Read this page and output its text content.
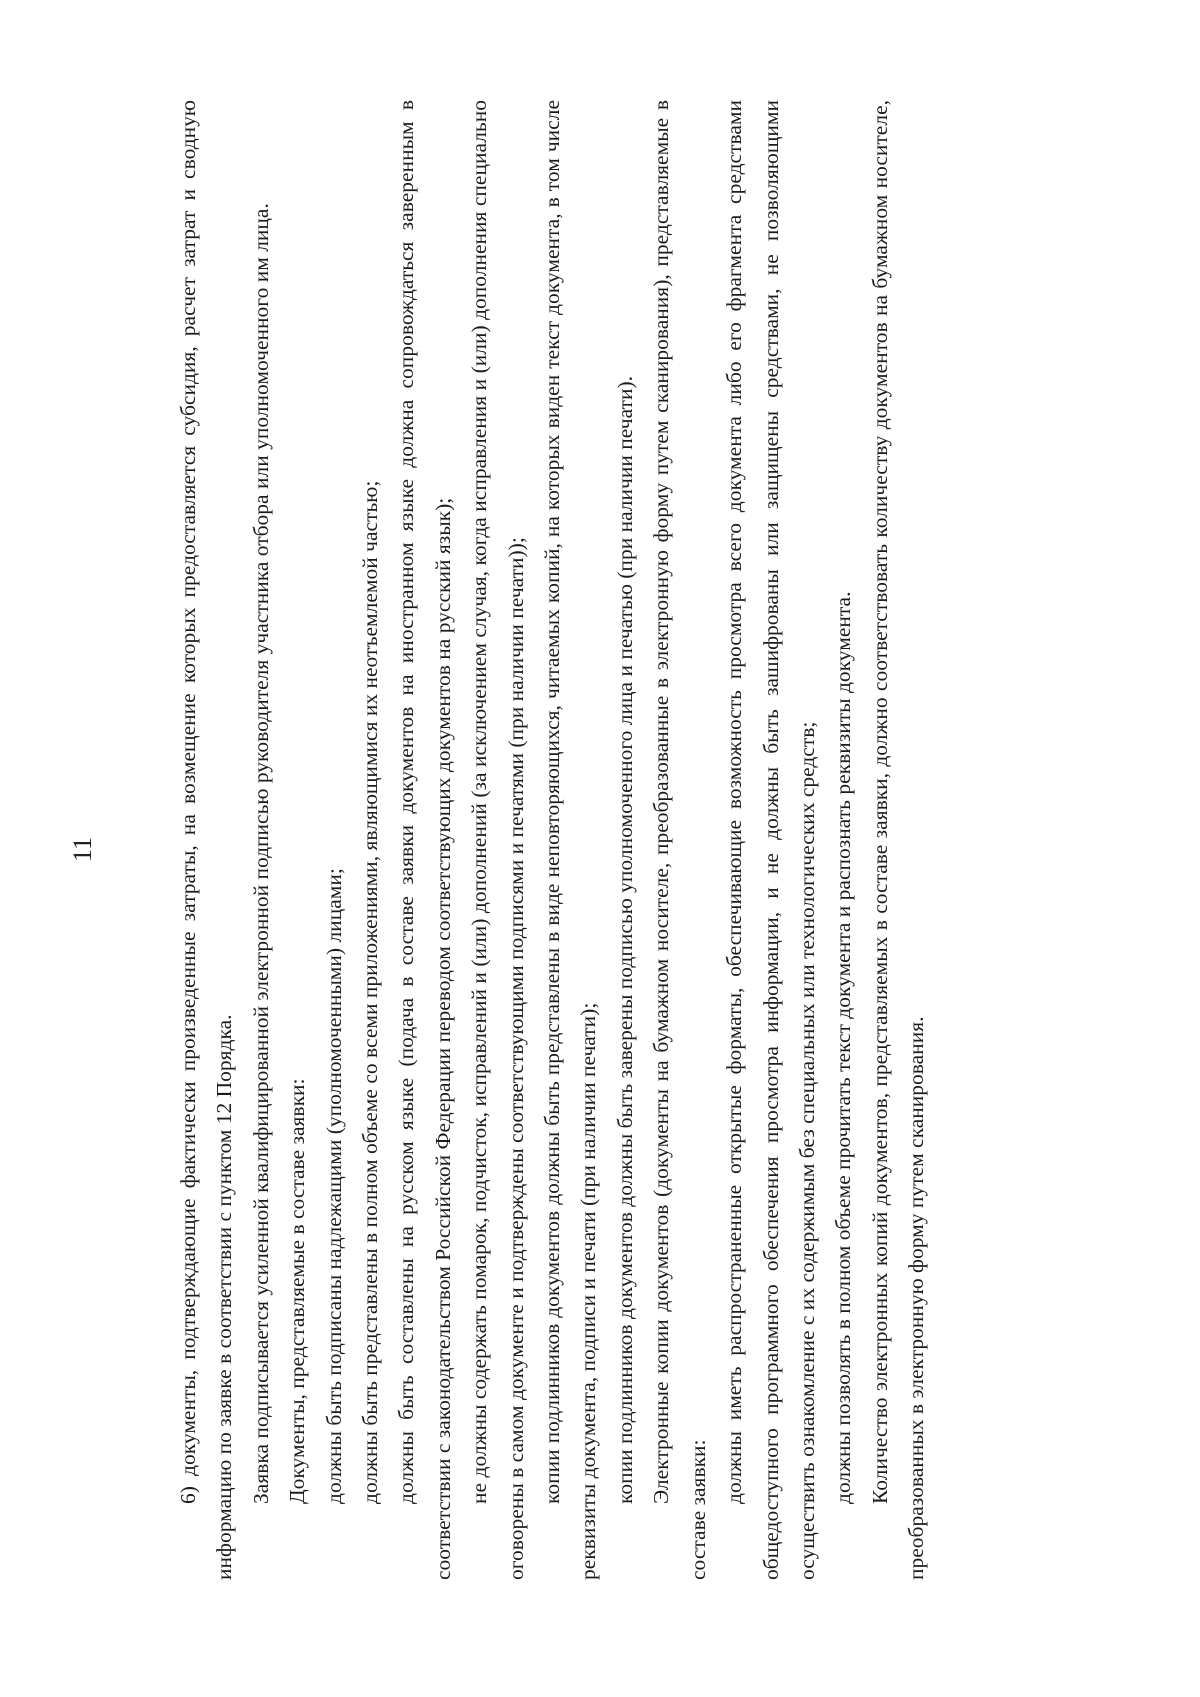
11	6) документы, подтверждающие фактически произведенные затраты, на возмещение которых предоставляется субсидия, расчет затрат и сводную информацию по заявке в соответствии с пунктом 12 Порядка. Заявка подписывается усиленной квалифицированной электронной подписью руководителя участника отбора или уполномоченного им лица. Документы, представляемые в составе заявки: должны быть подписаны надлежащими (уполномоченными) лицами; должны быть представлены в полном объеме со всеми приложениями, являющимися их неотъемлемой частью; должны быть составлены на русском языке (подача в составе заявки документов на иностранном языке должна сопровождаться заверенным в соответствии с законодательством Российской Федерации переводом соответствующих документов на русский язык); не должны содержать помарок, подчисток, исправлений и (или) дополнений (за исключением случая, когда исправления и (или) дополнения специально оговорены в самом документе и подтверждены соответствующими подписями и печатями (при наличии печати)); копии подлинников документов должны быть представлены в виде неповторяющихся, читаемых копий, на которых виден текст документа, в том числе реквизиты документа, подписи и печати (при наличии печати); копии подлинников документов должны быть заверены подписью уполномоченного лица и печатью (при наличии печати). Электронные копии документов (документы на бумажном носителе, преобразованные в электронную форму путем сканирования), представляемые в составе заявки:

должны иметь распространенные открытые форматы, обеспечивающие возможность просмотра всего документа либо его фрагмента средствами общедоступного программного обеспечения просмотра информации, и не должны быть зашифрованы или защищены средствами, не позволяющими осуществить ознакомление с их содержимым без специальных или технологических средств; должны позволять в полном объеме прочитать текст документа и распознать реквизиты документа. Количество электронных копий документов, представляемых в составе заявки, должно соответствовать количеству документов на бумажном носителе, преобразованных в электронную форму путем сканирования.
